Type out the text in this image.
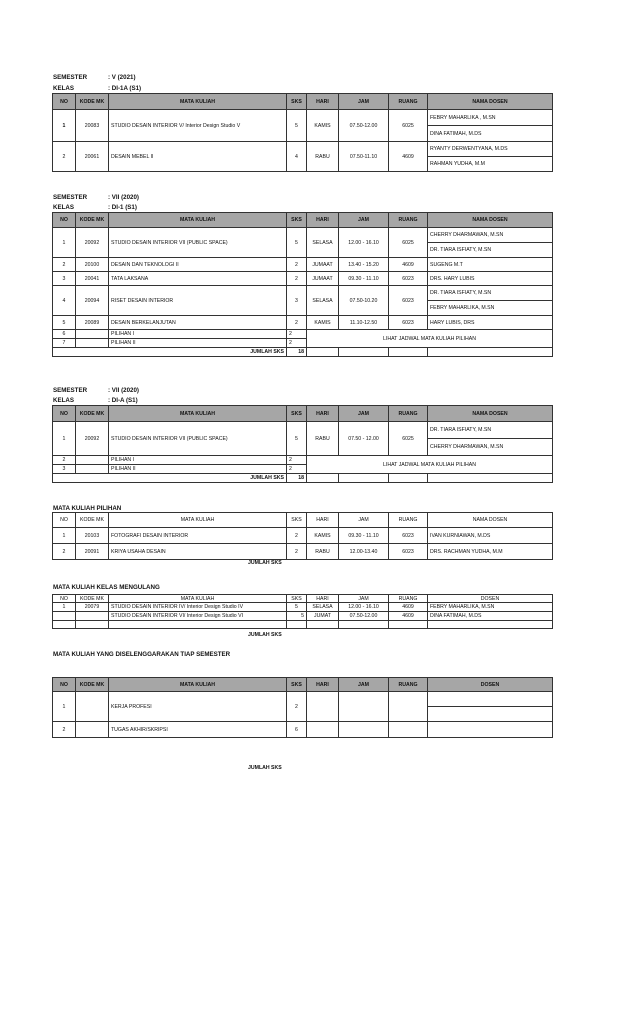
SEMESTER	: V (2021)
KELAS	: DI-1A (S1)
NO	KODE MK	MATA KULIAH	SKS	HARI	JAM	RUANG	NAMA DOSEN
1	20083	STUDIO DESAIN INTERIOR V/ Interior Design Studio V	5	KAMIS	07.50-12.00	6025	FEBRY MAHARLIKA , M.SN
							DINA FATIMAH, M.DS
2	20061	DESAIN MEBEL II	4	RABU	07.50-11.10	4609	RYANTY DERWENTYANA, M.DS
							RAHMAN YUDHA, M.M
SEMESTER	: VII (2020)
KELAS	: DI-1 (S1)
NO	KODE MK	MATA KULIAH	SKS	HARI	JAM	RUANG	NAMA DOSEN
1	20092	STUDIO DESAIN INTERIOR VII (PUBLIC SPACE)	5	SELASA	12.00 - 16.10	6025	CHERRY DHARMAWAN, M.SN
							DR. TIARA ISFIATY, M.SN
2	20100	DESAIN DAN TEKNOLOGI II	2	JUMAAT	13.40 - 15.20	4609	SUGENG M.T
3	20041	TATA LAKSANA	2	JUMAAT	09.30 - 11.10	6023	DRS. HARY LUBIS
4	20094	RISET DESAIN INTERIOR	3	SELASA	07.50-10.20	6023	DR. TIARA ISFIATY, M.SN
							FEBRY MAHARLIKA, M.SN
5	20089	DESAIN BERKELANJUTAN	2	KAMIS	11.10-12.50	6023	HARY LUBIS, DRS
6		PILIHAN I	2	LIHAT JADWAL MATA KULIAH PILIHAN			
7		PILIHAN II	2				
		JUMLAH SKS	18				
SEMESTER	: VII (2020)
KELAS	: DI-A (S1)
NO	KODE MK	MATA KULIAH	SKS	HARI	JAM	RUANG	NAMA DOSEN
1	20092	STUDIO DESAIN INTERIOR VII (PUBLIC SPACE)	5	RABU	07.50 - 12.00	6025	DR. TIARA ISFIATY, M.SN
							CHERRY DHARMAWAN, M.SN
2		PILIHAN I	2	LIHAT JADWAL MATA KULIAH PILIHAN			
3		PILIHAN II	2				
		JUMLAH SKS	18				
MATA KULIAH PILIHAN
NO	KODE MK	MATA KULIAH	SKS	HARI	JAM	RUANG	NAMA DOSEN
1	20103	FOTOGRAFI DESAIN INTERIOR	2	KAMIS	09.30 - 11.10	6023	IVAN KURNIAWAN, M.DS
2	20091	KRIYA USAHA DESAIN	2	RABU	12.00-13.40	6023	DRS. RACHMAN YUDHA, M.M
JUMLAH SKS
MATA KULIAH KELAS MENGULANG
NO	KODE MK	MATA KULIAH	SKS	HARI	JAM	RUANG	DOSEN
1	20079	STUDIO DESAIN INTERIOR IV/ Interior Design Studio IV	5	SELASA	12.00 - 16.10	4609	FEBRY MAHARLIKA, M.SN
		STUDIO DESAIN INTERIOR VI/ Interior Design Studio VI	5	JUMAT	07.50-12.00	4609	DINA FATIMAH, M.DS

JUMLAH SKS
MATA KULIAH YANG DISELENGGARAKAN TIAP SEMESTER
NO	KODE MK	MATA KULIAH	SKS	HARI	JAM	RUANG	DOSEN
1		KERJA PROFESI	2				

2		TUGAS AKHIR/SKRIPSI	6				
JUMLAH SKS
